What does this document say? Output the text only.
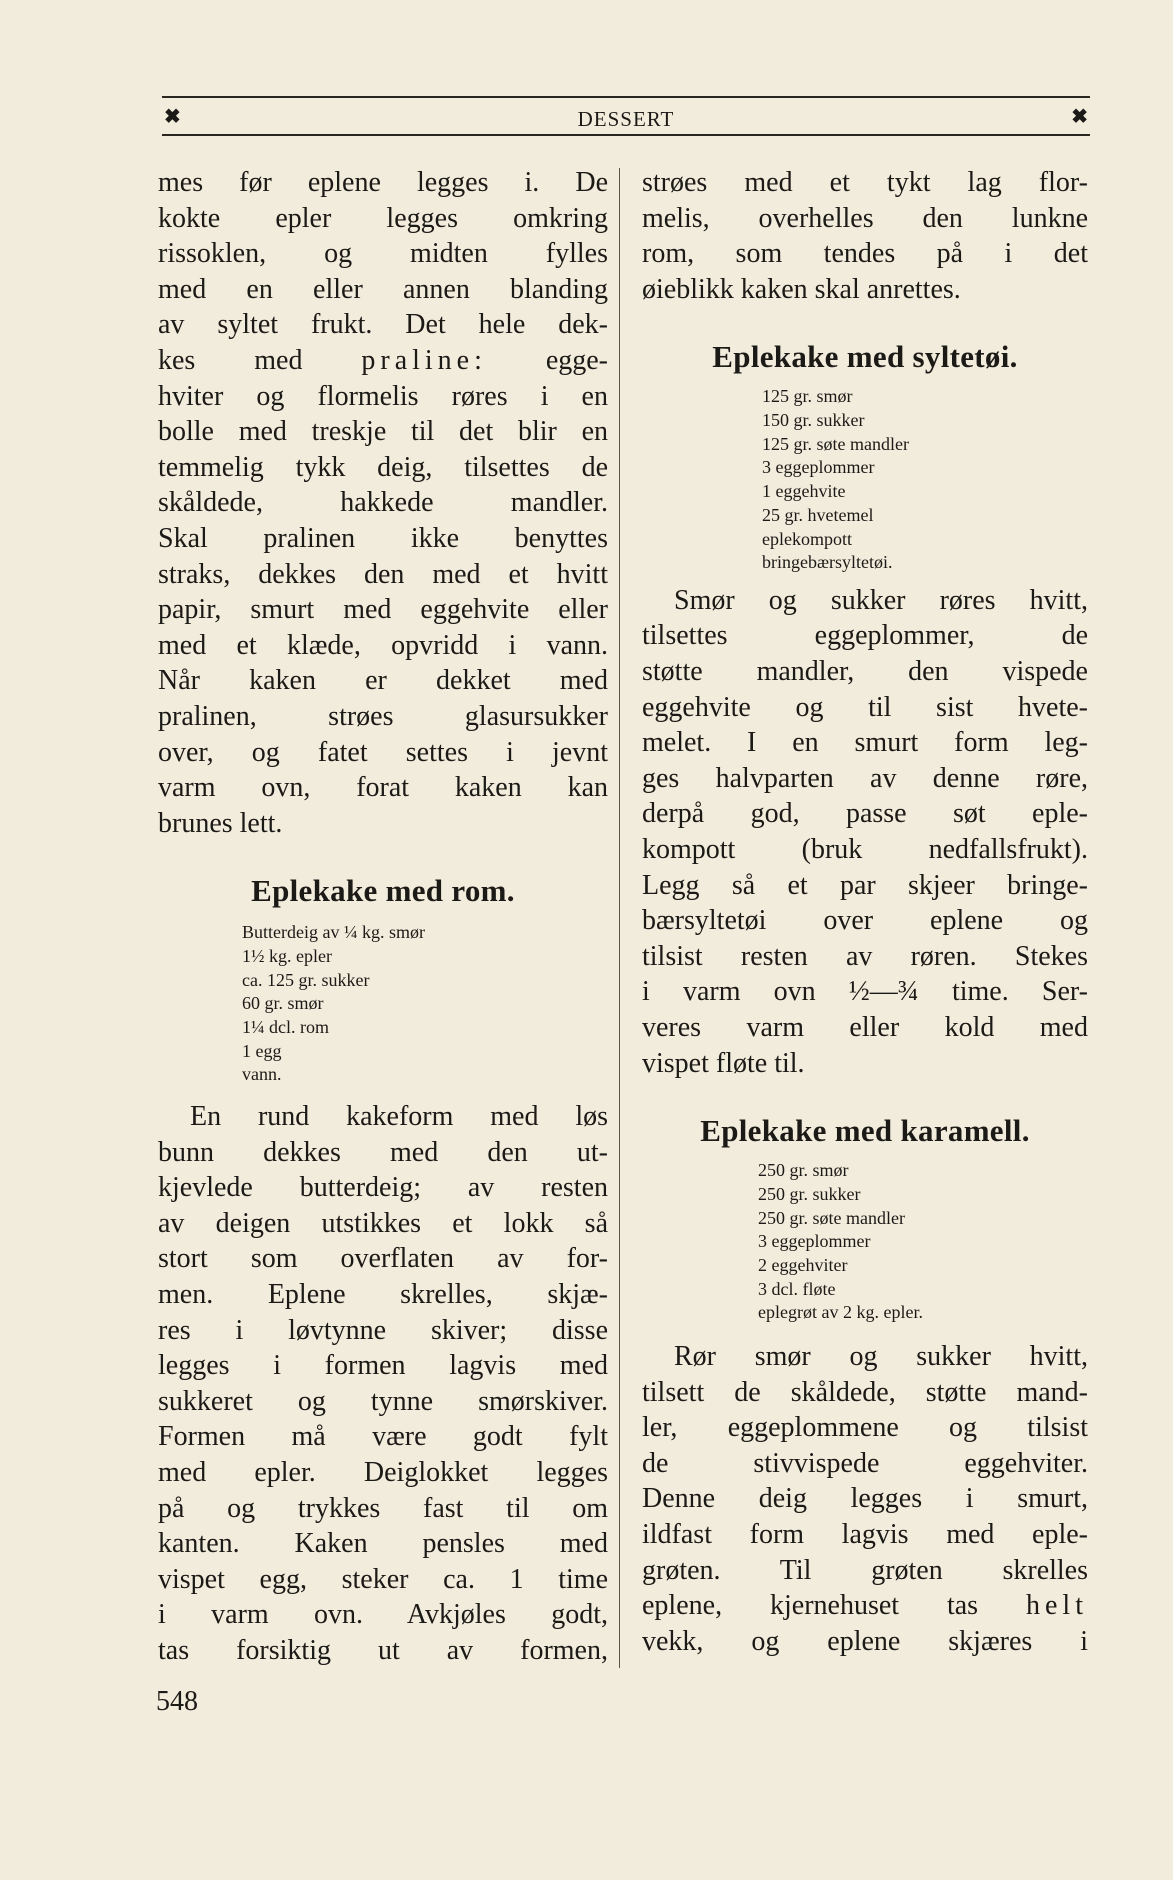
✖	DESSERT	✖
mes før eplene legges i. De
kokte epler legges omkring
rissoklen, og midten fylles
med en eller annen blanding
av syltet frukt. Det hele dek-
kes med praline: egge-
hviter og flormelis røres i en
bolle med treskje til det blir en
temmelig tykk deig, tilsettes de
skåldede, hakkede mandler.
Skal pralinen ikke benyttes
straks, dekkes den med et hvitt
papir, smurt med eggehvite eller
med et klæde, opvridd i vann.
Når kaken er dekket med
pralinen, strøes glasursukker
over, og fatet settes i jevnt
varm ovn, forat kaken kan
brunes lett.
Eplekake med rom.
Butterdeig av ¼ kg. smør
1½ kg. epler
ca. 125 gr. sukker
60 gr. smør
1¼ dcl. rom
1 egg
vann.
En rund kakeform med løs
bunn dekkes med den ut-
kjevlede butterdeig; av resten
av deigen utstikkes et lokk så
stort som overflaten av for-
men. Eplene skrelles, skjæ-
res i løvtynne skiver; disse
legges i formen lagvis med
sukkeret og tynne smørskiver.
Formen må være godt fylt
med epler. Deiglokket legges
på og trykkes fast til om
kanten. Kaken pensles med
vispet egg, steker ca. 1 time
i varm ovn. Avkjøles godt,
tas forsiktig ut av formen,
strøes med et tykt lag flor-
melis, overhelles den lunkne
rom, som tendes på i det
øieblikk kaken skal anrettes.
Eplekake med syltetøi.
125 gr. smør
150 gr. sukker
125 gr. søte mandler
3 eggeplommer
1 eggehvite
25 gr. hvetemel
eplekompott
bringebærsyltetøi.
Smør og sukker røres hvitt,
tilsettes eggeplommer, de
støtte mandler, den vispede
eggehvite og til sist hvete-
melet. I en smurt form leg-
ges halvparten av denne røre,
derpå god, passe søt eple-
kompott (bruk nedfallsfrukt).
Legg så et par skjeer bringe-
bærsyltetøi over eplene og
tilsist resten av røren. Stekes
i varm ovn ½—¾ time. Ser-
veres varm eller kold med
vispet fløte til.
Eplekake med karamell.
250 gr. smør
250 gr. sukker
250 gr. søte mandler
3 eggeplommer
2 eggehviter
3 dcl. fløte
eplegrøt av 2 kg. epler.
Rør smør og sukker hvitt,
tilsett de skåldede, støtte mand-
ler, eggeplommene og tilsist
de stivvispede eggehviter.
Denne deig legges i smurt,
ildfast form lagvis med eple-
grøten. Til grøten skrelles
eplene, kjernehuset tas helt
vekk, og eplene skjæres i
548
